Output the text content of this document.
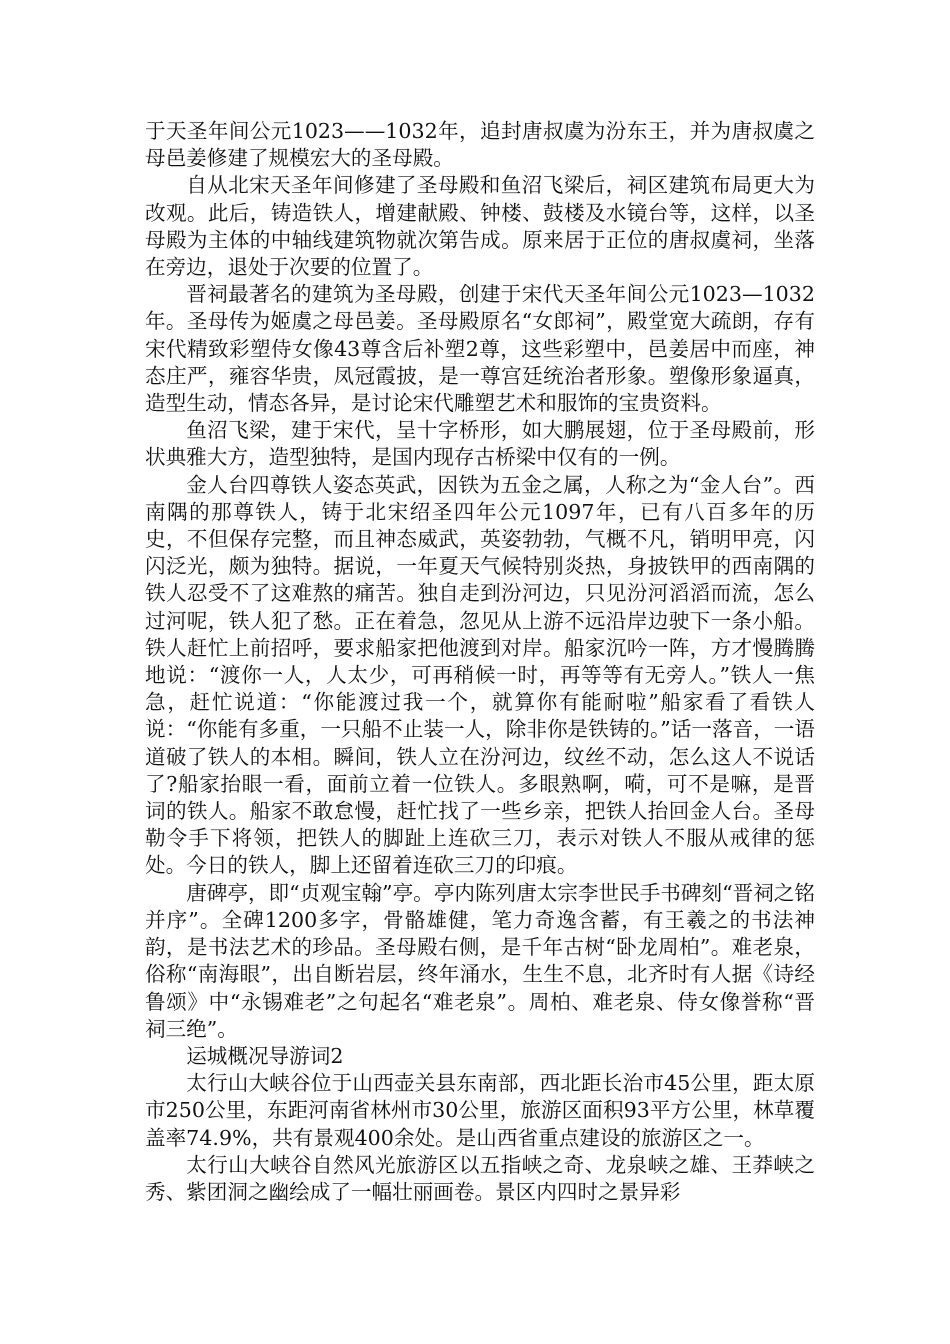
于天圣年间公元1023——1032年，追封唐叔虞为汾东王，并为唐叔虞之母邑姜修建了规模宏大的圣母殿。

自从北宋天圣年间修建了圣母殿和鱼沼飞梁后，祠区建筑布局更大为改观。此后，铸造铁人，增建献殿、钟楼、鼓楼及水镜台等，这样，以圣母殿为主体的中轴线建筑物就次第告成。原来居于正位的唐叔虞祠，坐落在旁边，退处于次要的位置了。

晋祠最著名的建筑为圣母殿，创建于宋代天圣年间公元1023—1032年。圣母传为姬虞之母邑姜。圣母殿原名“女郎祠”，殿堂宽大疏朗，存有宋代精致彩塑侍女像43尊含后补塑2尊，这些彩塑中，邑姜居中而座，神态庄严，雍容华贵，凤冠霞披，是一尊宫廷统治者形象。塑像形象逼真，造型生动，情态各异，是讨论宋代雕塑艺术和服饰的宝贵资料。

鱼沼飞梁，建于宋代，呈十字桥形，如大鹏展翅，位于圣母殿前，形状典雅大方，造型独特，是国内现存古桥梁中仅有的一例。

金人台四尊铁人姿态英武，因铁为五金之属，人称之为“金人台”。西南隅的那尊铁人，铸于北宋绍圣四年公元1097年，已有八百多年的历史，不但保存完整，而且神态威武，英姿勃勃，气概不凡，销明甲亮，闪闪泛光，颇为独特。据说，一年夏天气候特别炎热，身披铁甲的西南隅的铁人忍受不了这难熬的痛苦。独自走到汾河边，只见汾河滔滔而流，怎么过河呢，铁人犯了愁。正在着急，忽见从上游不远沿岸边驶下一条小船。铁人赶忙上前招呼，要求船家把他渡到对岸。船家沉吟一阵，方才慢腾腾地说：“渡你一人，人太少，可再稍候一时，再等等有无旁人。”铁人一焦急，赶忙说道：“你能渡过我一个，就算你有能耐啦”船家看了看铁人说：“你能有多重，一只船不止装一人，除非你是铁铸的。”话一落音，一语道破了铁人的本相。瞬间，铁人立在汾河边，纹丝不动，怎么这人不说话了?船家抬眼一看，面前立着一位铁人。多眼熟啊，嗬，可不是嘛，是晋词的铁人。船家不敢怠慢，赶忙找了一些乡亲，把铁人抬回金人台。圣母勒令手下将领，把铁人的脚趾上连砍三刀，表示对铁人不服从戒律的惩处。今日的铁人，脚上还留着连砍三刀的印痕。

唐碑亭，即“贞观宝翰”亭。亭内陈列唐太宗李世民手书碑刻“晋祠之铭并序”。全碑1200多字，骨骼雄健，笔力奇逸含蓄，有王羲之的书法神韵，是书法艺术的珍品。圣母殿右侧，是千年古树“卧龙周柏”。难老泉，俗称“南海眼”，出自断岩层，终年涌水，生生不息，北齐时有人据《诗经鲁颂》中“永锡难老”之句起名“难老泉”。周柏、难老泉、侍女像誉称“晋祠三绝”。

运城概况导游词2

太行山大峡谷位于山西壶关县东南部，西北距长治市45公里，距太原市250公里，东距河南省林州市30公里，旅游区面积93平方公里，林草覆盖率74.9%，共有景观400余处。是山西省重点建设的旅游区之一。

太行山大峡谷自然风光旅游区以五指峡之奇、龙泉峡之雄、王莽峡之秀、紫团洞之幽绘成了一幅壮丽画卷。景区内四时之景异彩
